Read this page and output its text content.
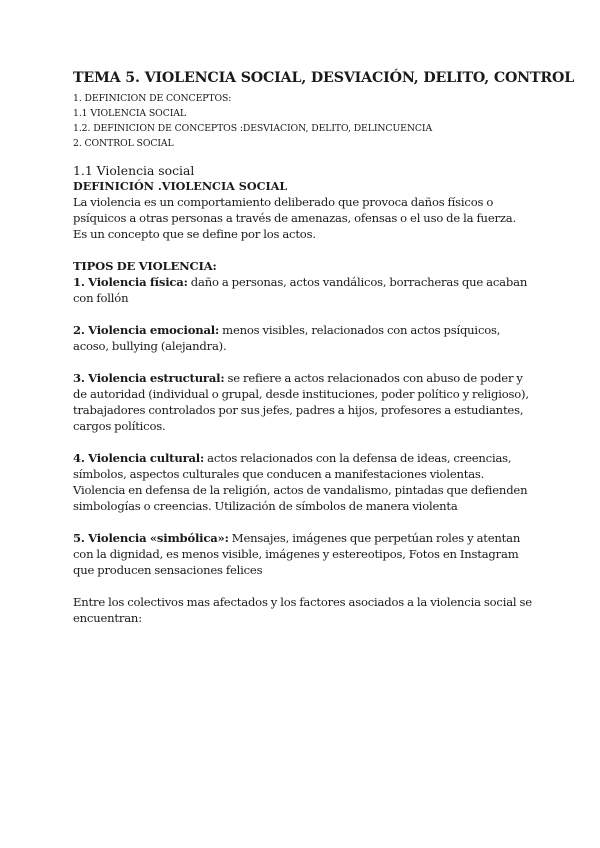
TEMA 5. VIOLENCIA SOCIAL, DESVIACIÓN, DELITO, CONTROL
1. DEFINICION DE CONCEPTOS:
1.1 VIOLENCIA SOCIAL
1.2. DEFINICION DE CONCEPTOS :DESVIACION, DELITO, DELINCUENCIA
2. CONTROL SOCIAL
1.1 Violencia social
DEFINICIÓN .VIOLENCIA SOCIAL

La violencia es un comportamiento deliberado que provoca daños físicos o psíquicos a otras personas a través de amenazas, ofensas o el uso de la fuerza. Es un concepto que se define por los actos.

TIPOS DE VIOLENCIA:

1. Violencia física: daño a personas, actos vandálicos, borracheras que acaban con follón

2. Violencia emocional: menos visibles, relacionados con actos psíquicos, acoso, bullying (alejandra).

3. Violencia estructural: se refiere a actos relacionados con abuso de poder y de autoridad (individual o grupal, desde instituciones, poder político y religioso), trabajadores controlados por sus jefes, padres a hijos, profesores a estudiantes, cargos políticos.

4. Violencia cultural: actos relacionados con la defensa de ideas, creencias, símbolos, aspectos culturales que conducen a manifestaciones violentas. Violencia en defensa de la religión, actos de vandalismo, pintadas que defienden simbologías o creencias. Utilización de símbolos de manera violenta

5. Violencia «simbólica»: Mensajes, imágenes que perpetúan roles y atentan con la dignidad, es menos visible, imágenes y estereotipos, Fotos en Instagram que producen sensaciones felices

Entre los colectivos mas afectados y los factores asociados a la violencia social se encuentran:
